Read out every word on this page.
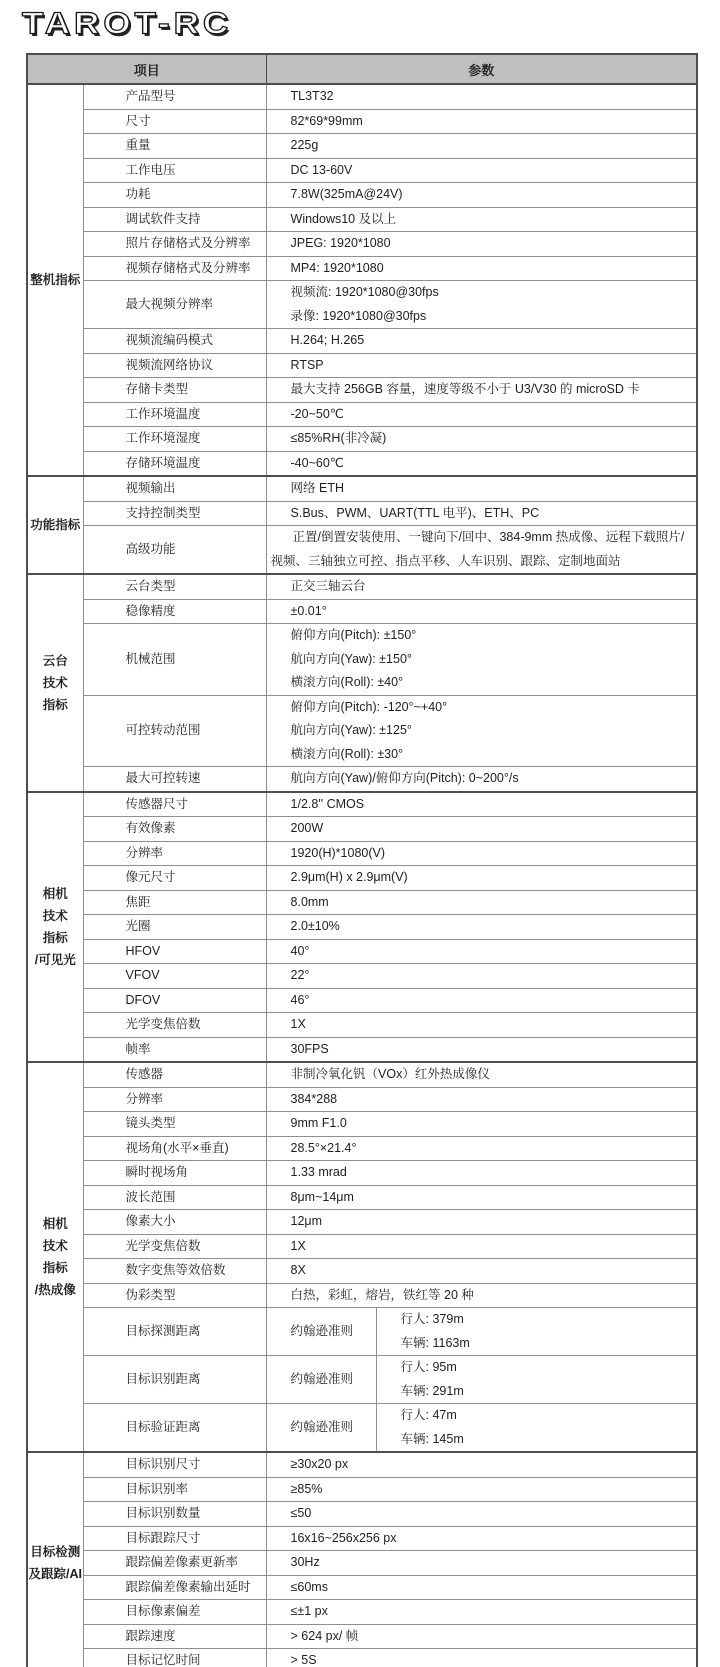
TAROT-RC
项目		参数	

整机指标	产品型号	TL3T32	

	尺寸	82*69*99mm	

	重量	225g	

	工作电压	DC 13-60V	

	功耗	7.8W(325mA@24V)	

	调试软件支持	Windows10 及以上	

	照片存储格式及分辨率	JPEG: 1920*1080	

	视频存储格式及分辨率	MP4: 1920*1080	

	最大视频分辨率	视频流: 1920*1080@30fps
录像: 1920*1080@30fps	

	视频流编码模式	H.264; H.265	

	视频流网络协议	RTSP	

	存储卡类型	最大支持 256GB 容量，速度等级不小于 U3/V30 的 microSD 卡	

	工作环境温度	-20~50℃	

	工作环境湿度	≤85%RH(非冷凝)	

	存储环境温度	-40~60℃	

功能指标	视频输出	网络 ETH	

	支持控制类型	S.Bus、PWM、UART(TTL 电平)、ETH、PC	

	高级功能	正置/倒置安装使用、一键向下/回中、384-9mm 热成像、远程下载照片/
视频、三轴独立可控、指点平移、人车识别、跟踪、定制地面站	

云台
技术
指标	云台类型	正交三轴云台	

	稳像精度	±0.01°	

	机械范围	俯仰方向(Pitch): ±150°
航向方向(Yaw): ±150°
横滚方向(Roll): ±40°	

	可控转动范围	俯仰方向(Pitch): -120°~+40°
航向方向(Yaw): ±125°
横滚方向(Roll): ±30°	

	最大可控转速	航向方向(Yaw)/俯仰方向(Pitch): 0~200°/s	

相机
技术
指标
/可见光	传感器尺寸	1/2.8'' CMOS	

	有效像素	200W	

	分辨率	1920(H)*1080(V)	

	像元尺寸	2.9μm(H) x 2.9μm(V)	

	焦距	8.0mm	

	光圈	2.0±10%	

	HFOV	40°	

	VFOV	22°	

	DFOV	46°	

	光学变焦倍数	1X	

	帧率	30FPS	

相机
技术
指标
/热成像	传感器	非制冷氧化钒（VOx）红外热成像仪	

	分辨率	384*288	

	镜头类型	9mm F1.0	

	视场角(水平×垂直)	28.5°×21.4°	

	瞬时视场角	1.33 mrad	

	波长范围	8μm~14μm	

	像素大小	12μm	

	光学变焦倍数	1X	

	数字变焦等效倍数	8X	

	伪彩类型	白热，彩虹，熔岩，铁红等 20 种	

	目标探测距离	约翰逊准则	行人: 379m
车辆: 1163m

	目标识别距离	约翰逊准则	行人: 95m
车辆: 291m

	目标验证距离	约翰逊准则	行人: 47m
车辆: 145m

目标检测
及跟踪/AI	目标识别尺寸	≥30x20 px	

	目标识别率	≥85%	

	目标识别数量	≤50	

	目标跟踪尺寸	16x16~256x256 px	

	跟踪偏差像素更新率	30Hz	

	跟踪偏差像素输出延时	≤60ms	

	目标像素偏差	≤±1 px	

	跟踪速度	> 624 px/ 帧	

	目标记忆时间	> 5S	
